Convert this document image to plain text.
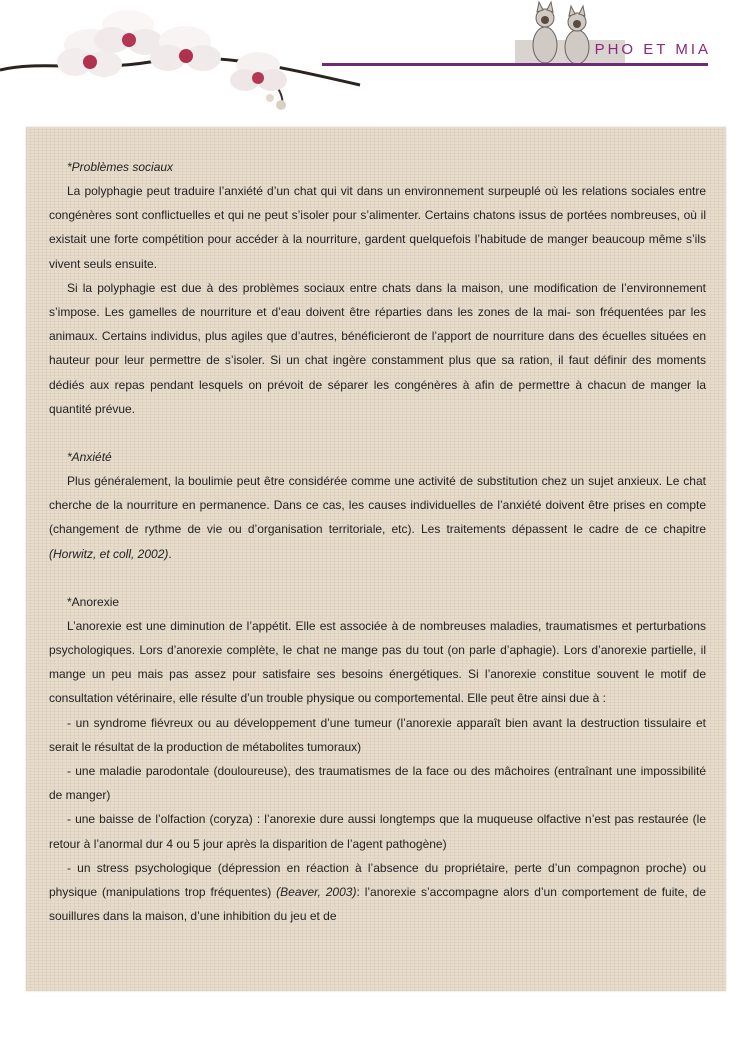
PHO ET MIA
*Problèmes sociaux

La polyphagie peut traduire l’anxiété d’un chat qui vit dans un environnement surpeuplé où les relations sociales entre congénères sont conflictuelles et qui ne peut s’isoler pour s’alimenter. Certains chatons issus de portées nombreuses, où il existait une forte compétition pour accéder à la nourriture, gardent quelquefois l’habitude de manger beaucoup même s’ils vivent seuls ensuite.

Si la polyphagie est due à des problèmes sociaux entre chats dans la maison, une modification de l’environnement s’impose. Les gamelles de nourriture et d’eau doivent être réparties dans les zones de la mai- son fréquentées par les animaux. Certains individus, plus agiles que d’autres, bénéficieront de l’apport de nourriture dans des écuelles situées en hauteur pour leur permettre de s’isoler. Si un chat ingère constamment plus que sa ration, il faut définir des moments dédiés aux repas pendant lesquels on prévoit de séparer les congénères à afin de permettre à chacun de manger la quantité prévue.

*Anxiété

Plus généralement, la boulimie peut être considérée comme une activité de substitution chez un sujet anxieux. Le chat cherche de la nourriture en permanence. Dans ce cas, les causes individuelles de l’anxiété doivent être prises en compte (changement de rythme de vie ou d’organisation territoriale, etc). Les traitements dépassent le cadre de ce chapitre (Horwitz, et coll, 2002).

*Anorexie

L’anorexie est une diminution de l’appétit. Elle est associée à de nombreuses maladies, traumatismes et perturbations psychologiques. Lors d’anorexie complète, le chat ne mange pas du tout (on parle d’aphagie). Lors d’anorexie partielle, il mange un peu mais pas assez pour satisfaire ses besoins énergétiques. Si l’anorexie constitue souvent le motif de consultation vétérinaire, elle résulte d’un trouble physique ou comportemental. Elle peut être ainsi due à :

- un syndrome fiévreux ou au développement d’une tumeur (l’anorexie apparaît bien avant la destruction tissulaire et serait le résultat de la production de métabolites tumoraux)

- une maladie parodontale (douloureuse), des traumatismes de la face ou des mâchoires (entraînant une impossibilité de manger)

- une baisse de l’olfaction (coryza) : l’anorexie dure aussi longtemps que la muqueuse olfactive n’est pas restaurée (le retour à l’anormal dur 4 ou 5 jour après la disparition de l’agent pathogène)

- un stress psychologique (dépression en réaction à l’absence du propriétaire, perte d’un compagnon proche) ou physique (manipulations trop fréquentes) (Beaver, 2003): l’anorexie s’accompagne alors d’un comportement de fuite, de souillures dans la maison, d’une inhibition du jeu et de
